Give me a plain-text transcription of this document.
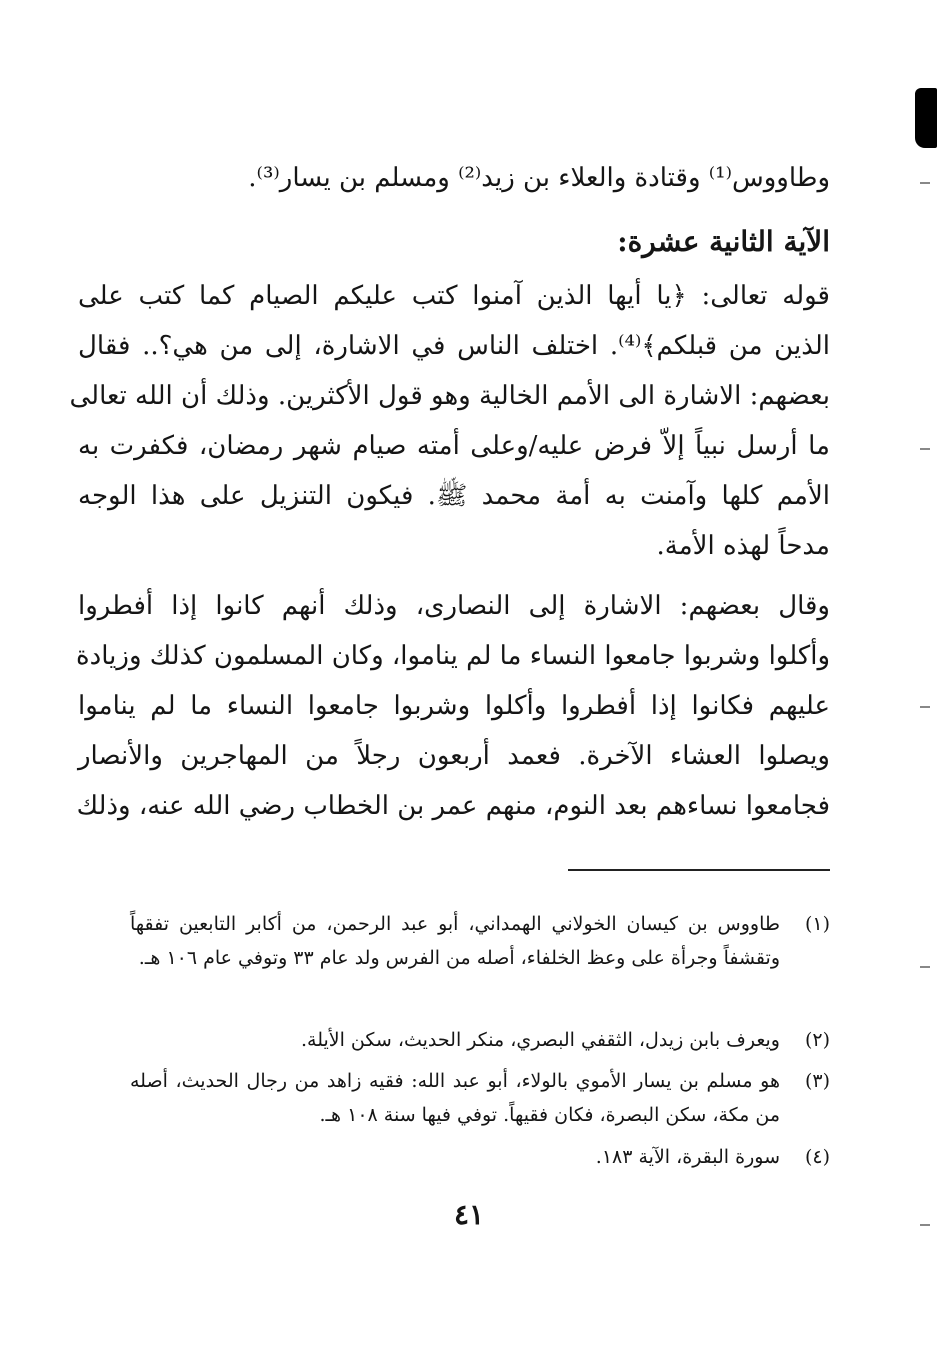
وطاووس⁽¹⁾ وقتادة والعلاء بن زيد⁽²⁾ ومسلم بن يسار⁽³⁾.
الآية الثانية عشرة:
قوله تعالى: ﴿يا أيها الذين آمنوا كتب عليكم الصيام كما كتب على
الذين من قبلكم﴾⁽⁴⁾. اختلف الناس في الاشارة، إلى من هي؟.. فقال
بعضهم: الاشارة الى الأمم الخالية وهو قول الأكثرين. وذلك أن الله تعالى
ما أرسل نبياً إلاّ فرض عليه/وعلى أمته صيام شهر رمضان، فكفرت به
الأمم كلها وآمنت به أمة محمد ﷺ. فيكون التنزيل على هذا الوجه
مدحاً لهذه الأمة.
وقال بعضهم: الاشارة إلى النصارى، وذلك أنهم كانوا إذا أفطروا
وأكلوا وشربوا جامعوا النساء ما لم يناموا، وكان المسلمون كذلك وزيادة
عليهم فكانوا إذا أفطروا وأكلوا وشربوا جامعوا النساء ما لم يناموا
ويصلوا العشاء الآخرة. فعمد أربعون رجلاً من المهاجرين والأنصار
فجامعوا نساءهم بعد النوم، منهم عمر بن الخطاب رضي الله عنه، وذلك
(١)
طاووس بن كيسان الخولاني الهمداني، أبو عبد الرحمن، من أكابر التابعين تفقهاً وتقشفاً وجرأة على وعظ الخلفاء، أصله من الفرس ولد عام ٣٣ وتوفي عام ١٠٦ هـ.
(٢)
ويعرف بابن زيدل، الثقفي البصري، منكر الحديث، سكن الأيلة.
(٣)
هو مسلم بن يسار الأموي بالولاء، أبو عبد الله: فقيه زاهد من رجال الحديث، أصله من مكة، سكن البصرة، فكان فقيهاً. توفي فيها سنة ١٠٨ هـ.
(٤)
سورة البقرة، الآية ١٨٣.
٤١
